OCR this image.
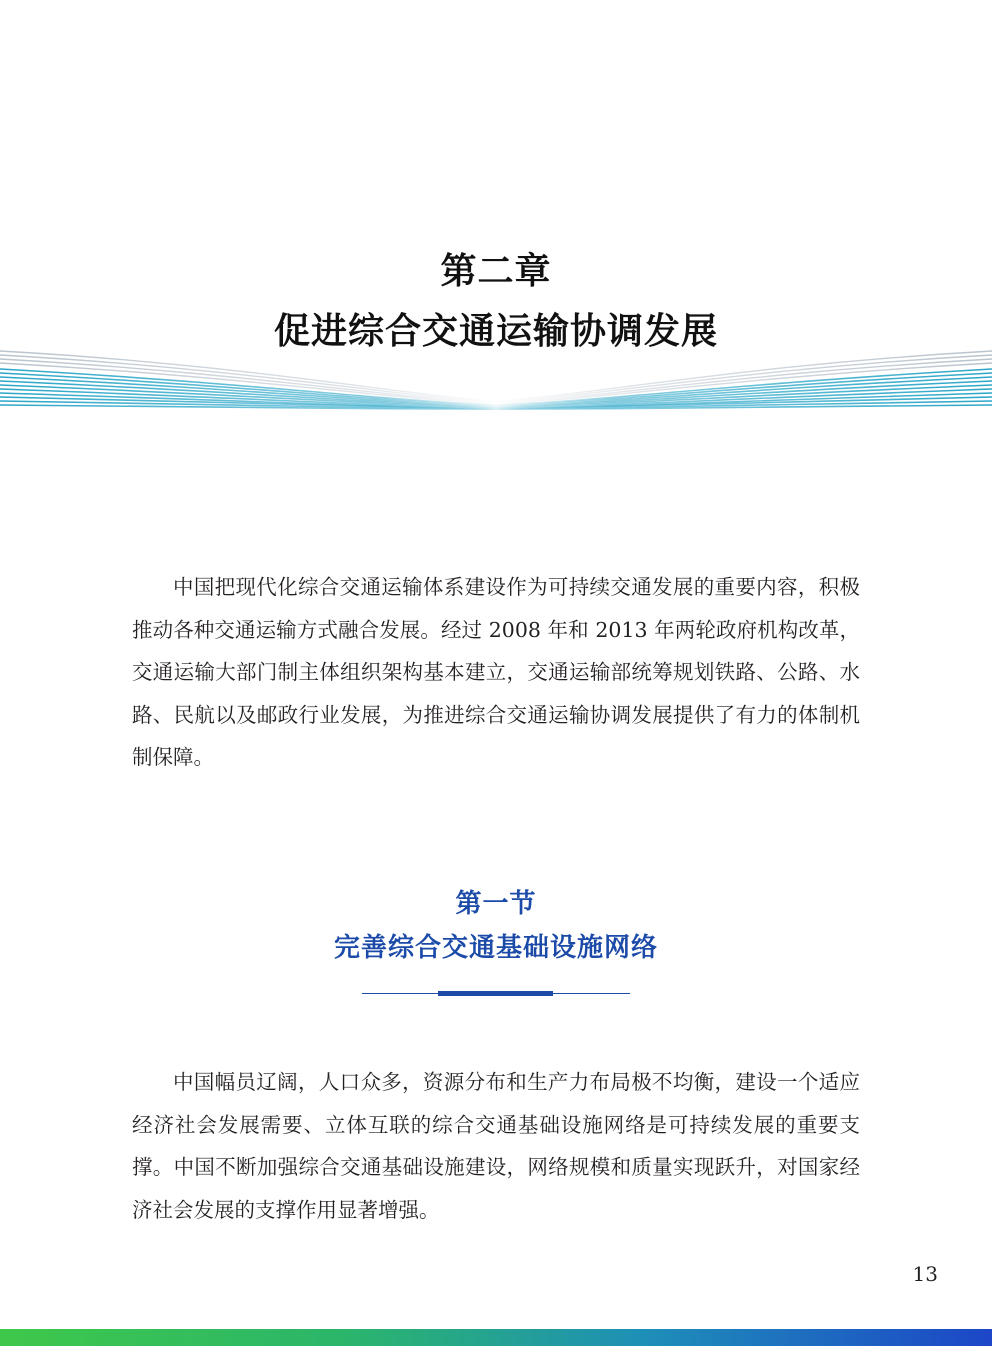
第二章
促进综合交通运输协调发展

中国把现代化综合交通运输体系建设作为可持续交通发展的重要内容，积极推动各种交通运输方式融合发展。经过 2008 年和 2013 年两轮政府机构改革，交通运输大部门制主体组织架构基本建立，交通运输部统筹规划铁路、公路、水路、民航以及邮政行业发展，为推进综合交通运输协调发展提供了有力的体制机制保障。

第一节
完善综合交通基础设施网络

中国幅员辽阔，人口众多，资源分布和生产力布局极不均衡，建设一个适应经济社会发展需要、立体互联的综合交通基础设施网络是可持续发展的重要支撑。中国不断加强综合交通基础设施建设，网络规模和质量实现跃升，对国家经济社会发展的支撑作用显著增强。

13
